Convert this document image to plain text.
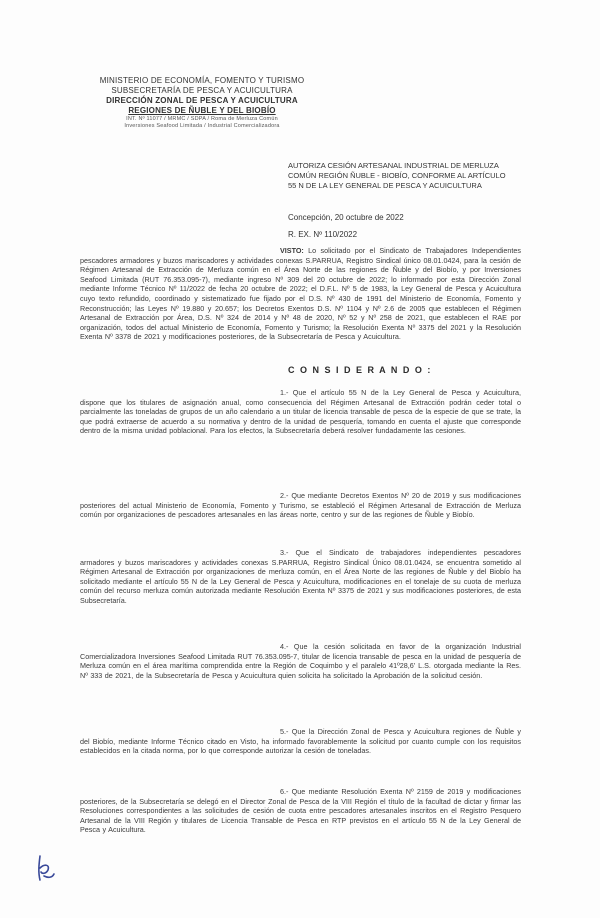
MINISTERIO DE ECONOMÍA, FOMENTO Y TURISMO
SUBSECRETARÍA DE PESCA Y ACUICULTURA
DIRECCIÓN ZONAL DE PESCA Y ACUICULTURA
REGIONES DE ÑUBLE Y DEL BIOBÍO
INT. Nº 11077 / MRMC / SDPA / Roma de Merluza Común
Inversiones Seafood Limitada / Industrial Comercializadora
AUTORIZA CESIÓN ARTESANAL INDUSTRIAL DE MERLUZA COMÚN REGIÓN ÑUBLE - BIOBÍO, CONFORME AL ARTÍCULO 55 N DE LA LEY GENERAL DE PESCA Y ACUICULTURA
Concepción, 20 octubre de 2022
R. EX. Nº 110/2022
VISTO: Lo solicitado por el Sindicato de Trabajadores Independientes pescadores armadores y buzos mariscadores y actividades conexas S.PARRUA, Registro Sindical único 08.01.0424, para la cesión de Régimen Artesanal de Extracción de Merluza común en el Área Norte de las regiones de Ñuble y del Biobío, y por Inversiones Seafood Limitada (RUT 76.353.095-7), mediante ingreso Nº 309 del 20 octubre de 2022; lo informado por esta Dirección Zonal mediante Informe Técnico Nº 11/2022 de fecha 20 octubre de 2022; el D.F.L. Nº 5 de 1983, la Ley General de Pesca y Acuicultura cuyo texto refundido, coordinado y sistematizado fue fijado por el D.S. Nº 430 de 1991 del Ministerio de Economía, Fomento y Reconstrucción; las Leyes Nº 19.880 y 20.657; los Decretos Exentos D.S. Nº 1104 y Nº 2.6 de 2005 que establecen el Régimen Artesanal de Extracción por Área, D.S. Nº 324 de 2014 y Nº 48 de 2020, Nº 52 y Nº 258 de 2021, que establecen el RAE por organización, todos del actual Ministerio de Economía, Fomento y Turismo; la Resolución Exenta Nº 3375 del 2021 y la Resolución Exenta Nº 3378 de 2021 y modificaciones posteriores, de la Subsecretaría de Pesca y Acuicultura.
C O N S I D E R A N D O :
1.- Que el artículo 55 N de la Ley General de Pesca y Acuicultura, dispone que los titulares de asignación anual, como consecuencia del Régimen Artesanal de Extracción podrán ceder total o parcialmente las toneladas de grupos de un año calendario a un titular de licencia transable de pesca de la especie de que se trate, la que podrá extraerse de acuerdo a su normativa y dentro de la unidad de pesquería, tomando en cuenta el ajuste que corresponde dentro de la misma unidad poblacional. Para los efectos, la Subsecretaría deberá resolver fundadamente las cesiones.
2.- Que mediante Decretos Exentos Nº 20 de 2019 y sus modificaciones posteriores del actual Ministerio de Economía, Fomento y Turismo, se estableció el Régimen Artesanal de Extracción de Merluza común por organizaciones de pescadores artesanales en las áreas norte, centro y sur de las regiones de Ñuble y Biobío.
3.- Que el Sindicato de trabajadores independientes pescadores armadores y buzos mariscadores y actividades conexas S.PARRUA, Registro Sindical Único 08.01.0424, se encuentra sometido al Régimen Artesanal de Extracción por organizaciones de merluza común, en el Área Norte de las regiones de Ñuble y del Biobío ha solicitado mediante el artículo 55 N de la Ley General de Pesca y Acuicultura, modificaciones en el tonelaje de su cuota de merluza común del recurso merluza común autorizada mediante Resolución Exenta Nº 3375 de 2021 y sus modificaciones posteriores, de esta Subsecretaría.
4.- Que la cesión solicitada en favor de la organización Industrial Comercializadora Inversiones Seafood Limitada RUT 76.353.095-7, titular de licencia transable de pesca en la unidad de pesquería de Merluza común en el área marítima comprendida entre la Región de Coquimbo y el paralelo 41º28,6' L.S. otorgada mediante la Res. Nº 333 de 2021, de la Subsecretaría de Pesca y Acuicultura quien solicita ha solicitado la Aprobación de la solicitud cesión.
5.- Que la Dirección Zonal de Pesca y Acuicultura regiones de Ñuble y del Biobío, mediante Informe Técnico citado en Visto, ha informado favorablemente la solicitud por cuanto cumple con los requisitos establecidos en la citada norma, por lo que corresponde autorizar la cesión de toneladas.
6.- Que mediante Resolución Exenta Nº 2159 de 2019 y modificaciones posteriores, de la Subsecretaría se delegó en el Director Zonal de Pesca de la VIII Región el título de la facultad de dictar y firmar las Resoluciones correspondientes a las solicitudes de cesión de cuota entre pescadores artesanales inscritos en el Registro Pesquero Artesanal de la VIII Región y titulares de Licencia Transable de Pesca en RTP previstos en el artículo 55 N de la Ley General de Pesca y Acuicultura.
